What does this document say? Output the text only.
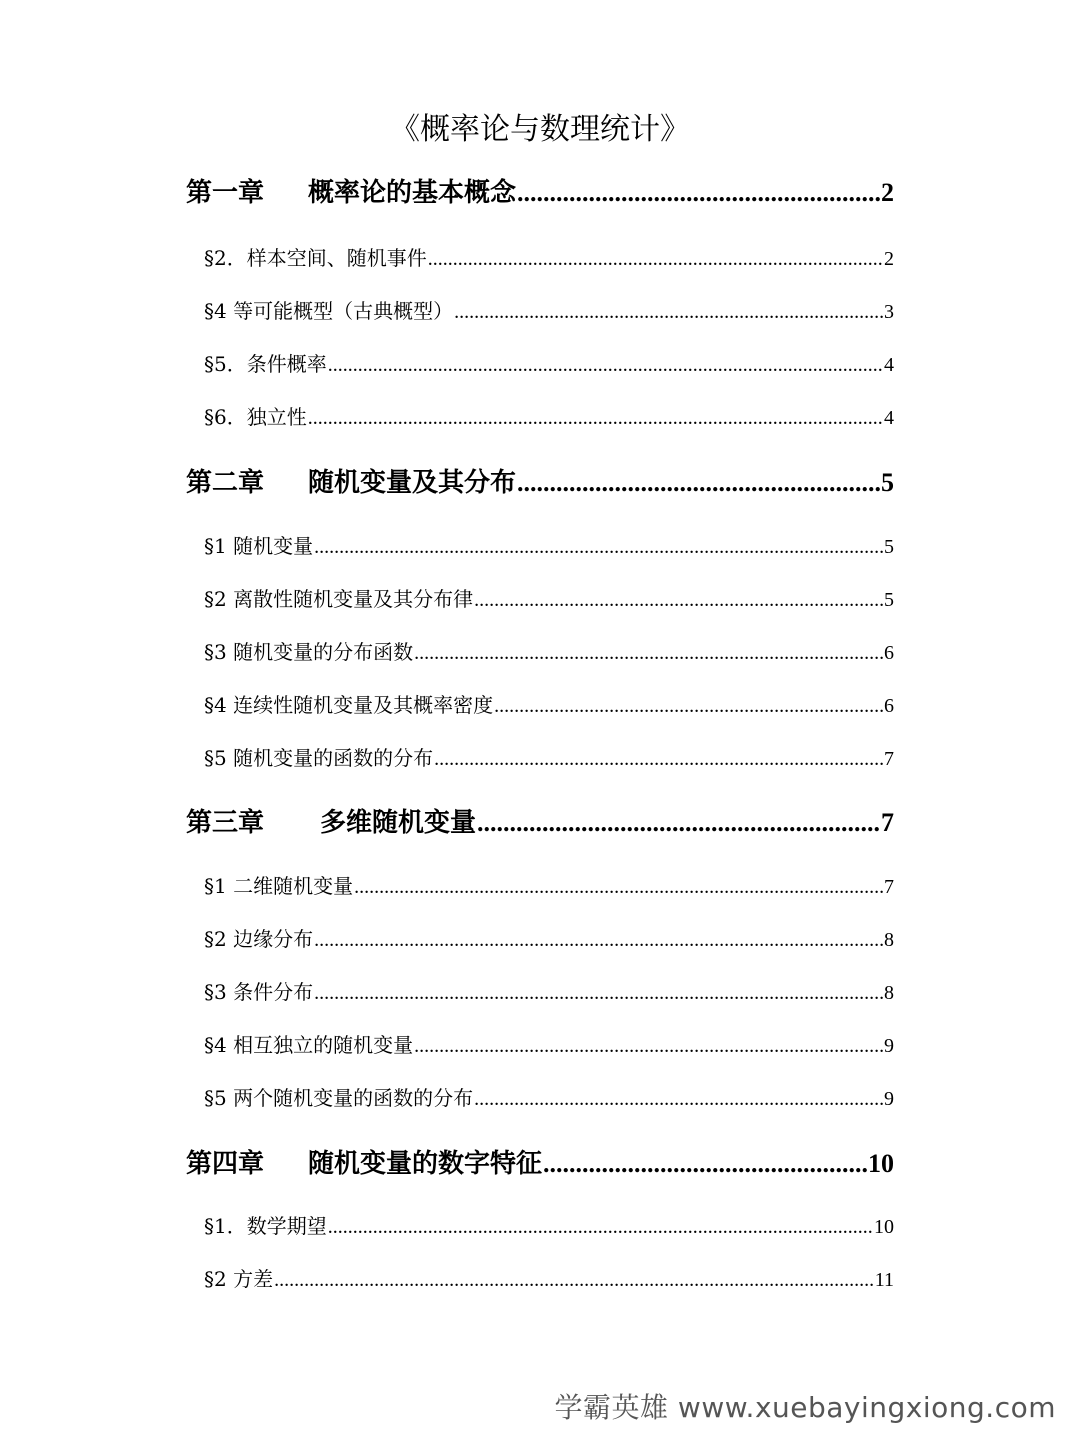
《概率论与数理统计》
第一章 概率论的基本概念 .....	2
§2．样本空间、随机事件 .....	2
§4 等可能概型（古典概型） .....	3
§5．条件概率 .....	4
§6．独立性 .....	4
第二章 随机变量及其分布 .....	5
§1 随机变量 .....	5
§2 离散性随机变量及其分布律 .....	5
§3 随机变量的分布函数 .....	6
§4 连续性随机变量及其概率密度 .....	6
§5 随机变量的函数的分布 .....	7
第三章 多维随机变量 .....	7
§1 二维随机变量 .....	7
§2 边缘分布 .....	8
§3 条件分布 .....	8
§4 相互独立的随机变量 .....	9
§5 两个随机变量的函数的分布 .....	9
第四章 随机变量的数字特征 .....	10
§1．数学期望 .....	10
§2 方差 .....	11
学霸英雄 www.xuebayingxiong.com
